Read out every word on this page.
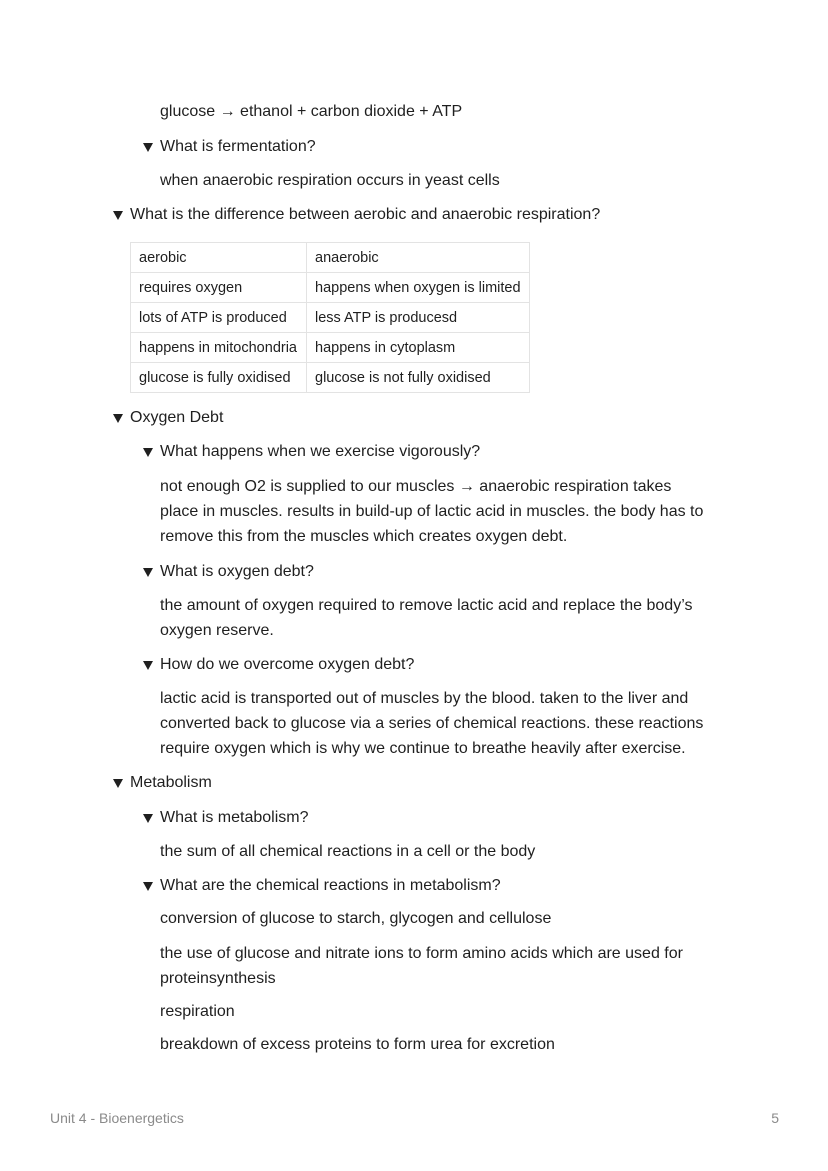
glucose → ethanol + carbon dioxide + ATP
What is fermentation?
when anaerobic respiration occurs in yeast cells
What is the difference between aerobic and anaerobic respiration?
aerobic	anaerobic
requires oxygen	happens when oxygen is limited
lots of ATP is produced	less ATP is producesd
happens in mitochondria	happens in cytoplasm
glucose is fully oxidised	glucose is not fully oxidised
Oxygen Debt
What happens when we exercise vigorously?
not enough O2 is supplied to our muscles → anaerobic respiration takes
place in muscles. results in build-up of lactic acid in muscles. the body has to
remove this from the muscles which creates oxygen debt.
What is oxygen debt?
the amount of oxygen required to remove lactic acid and replace the body’s
oxygen reserve.
How do we overcome oxygen debt?
lactic acid is transported out of muscles by the blood. taken to the liver and
converted back to glucose via a series of chemical reactions. these reactions
require oxygen which is why we continue to breathe heavily after exercise.
Metabolism
What is metabolism?
the sum of all chemical reactions in a cell or the body
What are the chemical reactions in metabolism?
conversion of glucose to starch, glycogen and cellulose
the use of glucose and nitrate ions to form amino acids which are used for
proteinsynthesis
respiration
breakdown of excess proteins to form urea for excretion
Unit 4 - Bioenergetics	5
